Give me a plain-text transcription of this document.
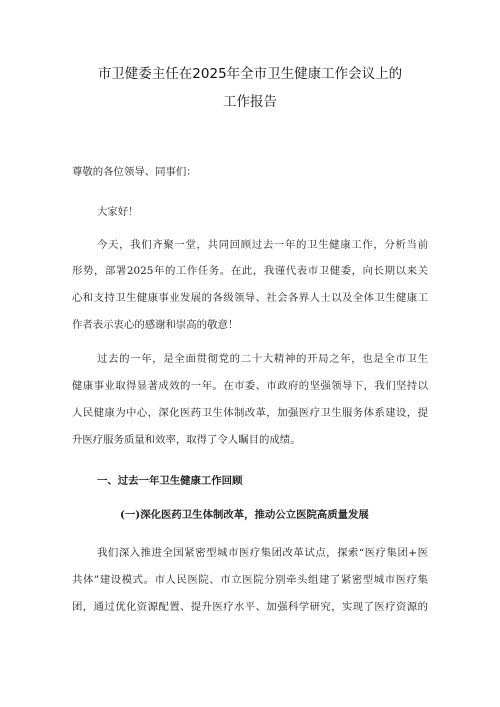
市卫健委主任在2025年全市卫生健康工作会议上的
工作报告
尊敬的各位领导、同事们：
大家好！
今天，我们齐聚一堂，共同回顾过去一年的卫生健康工作，分析当前
形势，部署2025年的工作任务。在此，我谨代表市卫健委，向长期以来关
心和支持卫生健康事业发展的各级领导、社会各界人士以及全体卫生健康工
作者表示衷心的感谢和崇高的敬意！
过去的一年，是全面贯彻党的二十大精神的开局之年，也是全市卫生
健康事业取得显著成效的一年。在市委、市政府的坚强领导下，我们坚持以
人民健康为中心，深化医药卫生体制改革，加强医疗卫生服务体系建设，提
升医疗服务质量和效率，取得了令人瞩目的成绩。
一、过去一年卫生健康工作回顾
(一)深化医药卫生体制改革，推动公立医院高质量发展
我们深入推进全国紧密型城市医疗集团改革试点，探索“医疗集团+医
共体”建设模式。市人民医院、市立医院分别牵头组建了紧密型城市医疗集
团，通过优化资源配置、提升医疗水平、加强科学研究，实现了医疗资源的
